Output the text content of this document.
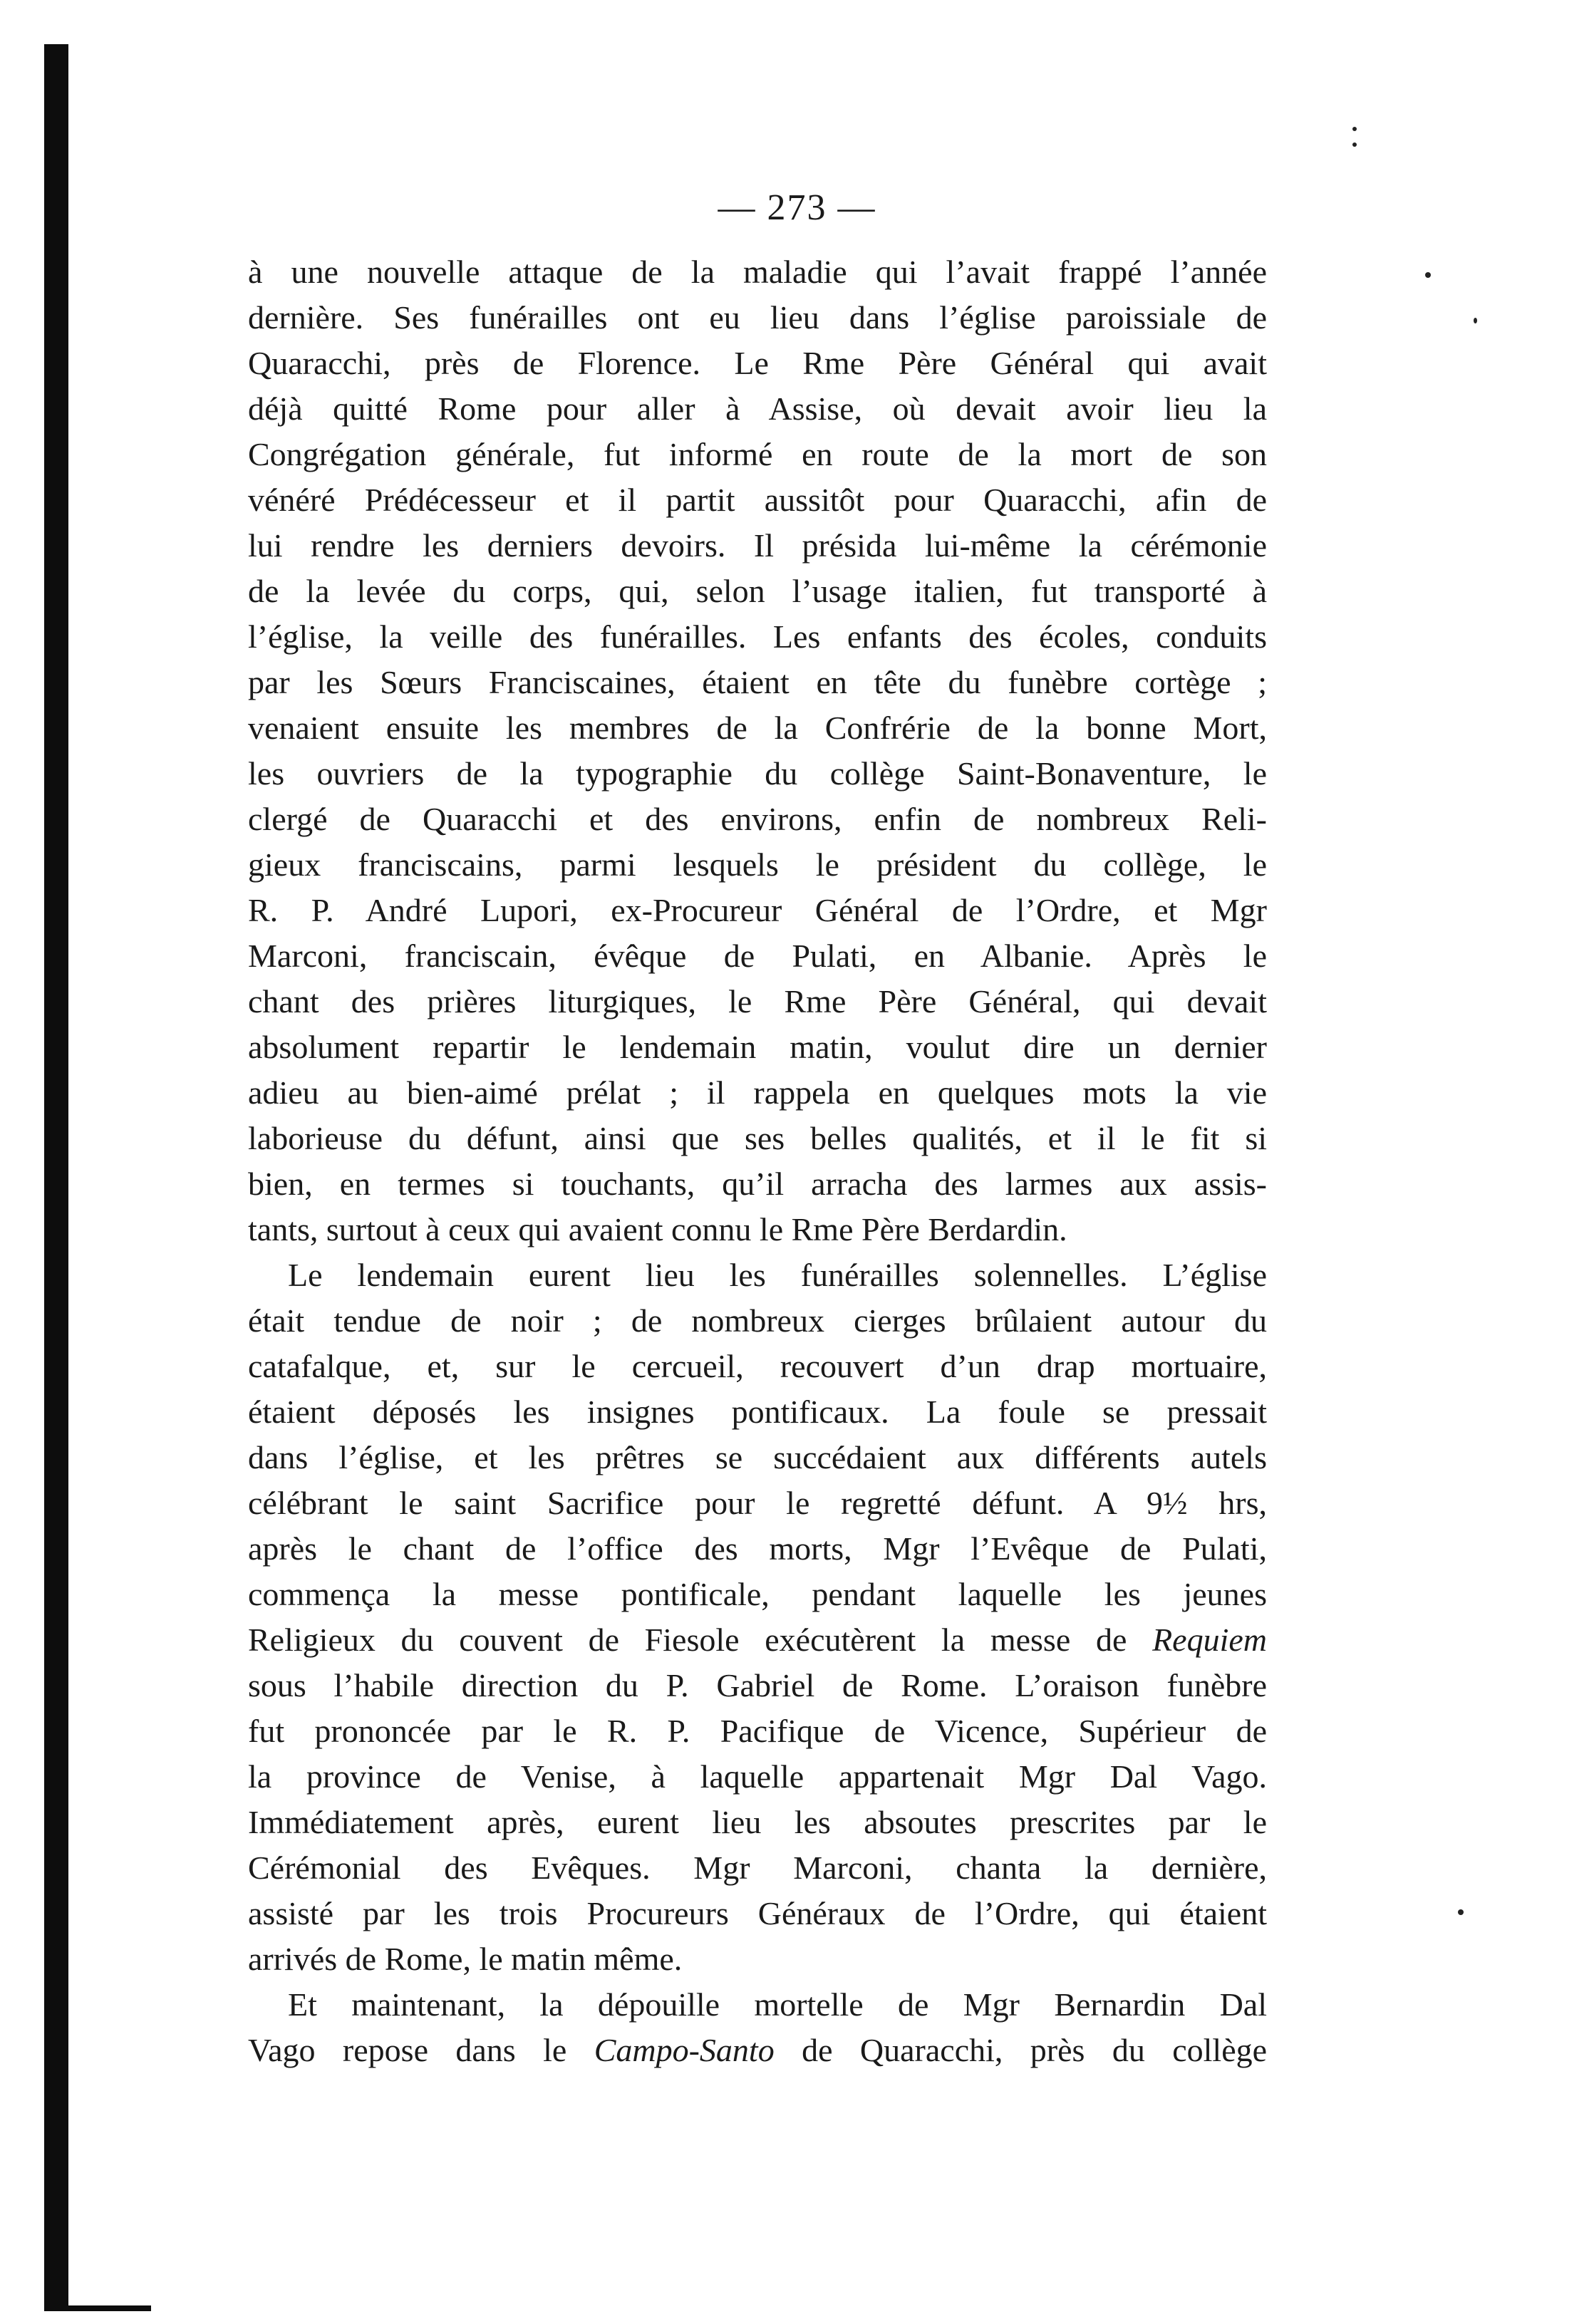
— 273 —
à une nouvelle attaque de la maladie qui l’avait frappé l’année
dernière. Ses funérailles ont eu lieu dans l’église paroissiale de
Quaracchi, près de Florence. Le Rme Père Général qui avait
déjà quitté Rome pour aller à Assise, où devait avoir lieu la
Congrégation générale, fut informé en route de la mort de son
vénéré Prédécesseur et il partit aussitôt pour Quaracchi, afin de
lui rendre les derniers devoirs. Il présida lui-même la cérémonie
de la levée du corps, qui, selon l’usage italien, fut transporté à
l’église, la veille des funérailles. Les enfants des écoles, conduits
par les Sœurs Franciscaines, étaient en tête du funèbre cortège ;
venaient ensuite les membres de la Confrérie de la bonne Mort,
les ouvriers de la typographie du collège Saint-Bonaventure, le
clergé de Quaracchi et des environs, enfin de nombreux Reli-
gieux franciscains, parmi lesquels le président du collège, le
R. P. André Lupori, ex-Procureur Général de l’Ordre, et Mgr
Marconi, franciscain, évêque de Pulati, en Albanie. Après le
chant des prières liturgiques, le Rme Père Général, qui devait
absolument repartir le lendemain matin, voulut dire un dernier
adieu au bien-aimé prélat ; il rappela en quelques mots la vie
laborieuse du défunt, ainsi que ses belles qualités, et il le fit si
bien, en termes si touchants, qu’il arracha des larmes aux assis-
tants, surtout à ceux qui avaient connu le Rme Père Berdardin.
Le lendemain eurent lieu les funérailles solennelles. L’église
était tendue de noir ; de nombreux cierges brûlaient autour du
catafalque, et, sur le cercueil, recouvert d’un drap mortuaire,
étaient déposés les insignes pontificaux. La foule se pressait
dans l’église, et les prêtres se succédaient aux différents autels
célébrant le saint Sacrifice pour le regretté défunt. A 9½ hrs,
après le chant de l’office des morts, Mgr l’Evêque de Pulati,
commença la messe pontificale, pendant laquelle les jeunes
Religieux du couvent de Fiesole exécutèrent la messe de Requiem
sous l’habile direction du P. Gabriel de Rome. L’oraison funèbre
fut prononcée par le R. P. Pacifique de Vicence, Supérieur de
la province de Venise, à laquelle appartenait Mgr Dal Vago.
Immédiatement après, eurent lieu les absoutes prescrites par le
Cérémonial des Evêques. Mgr Marconi, chanta la dernière,
assisté par les trois Procureurs Généraux de l’Ordre, qui étaient
arrivés de Rome, le matin même.
Et maintenant, la dépouille mortelle de Mgr Bernardin Dal
Vago repose dans le Campo-Santo de Quaracchi, près du collège
